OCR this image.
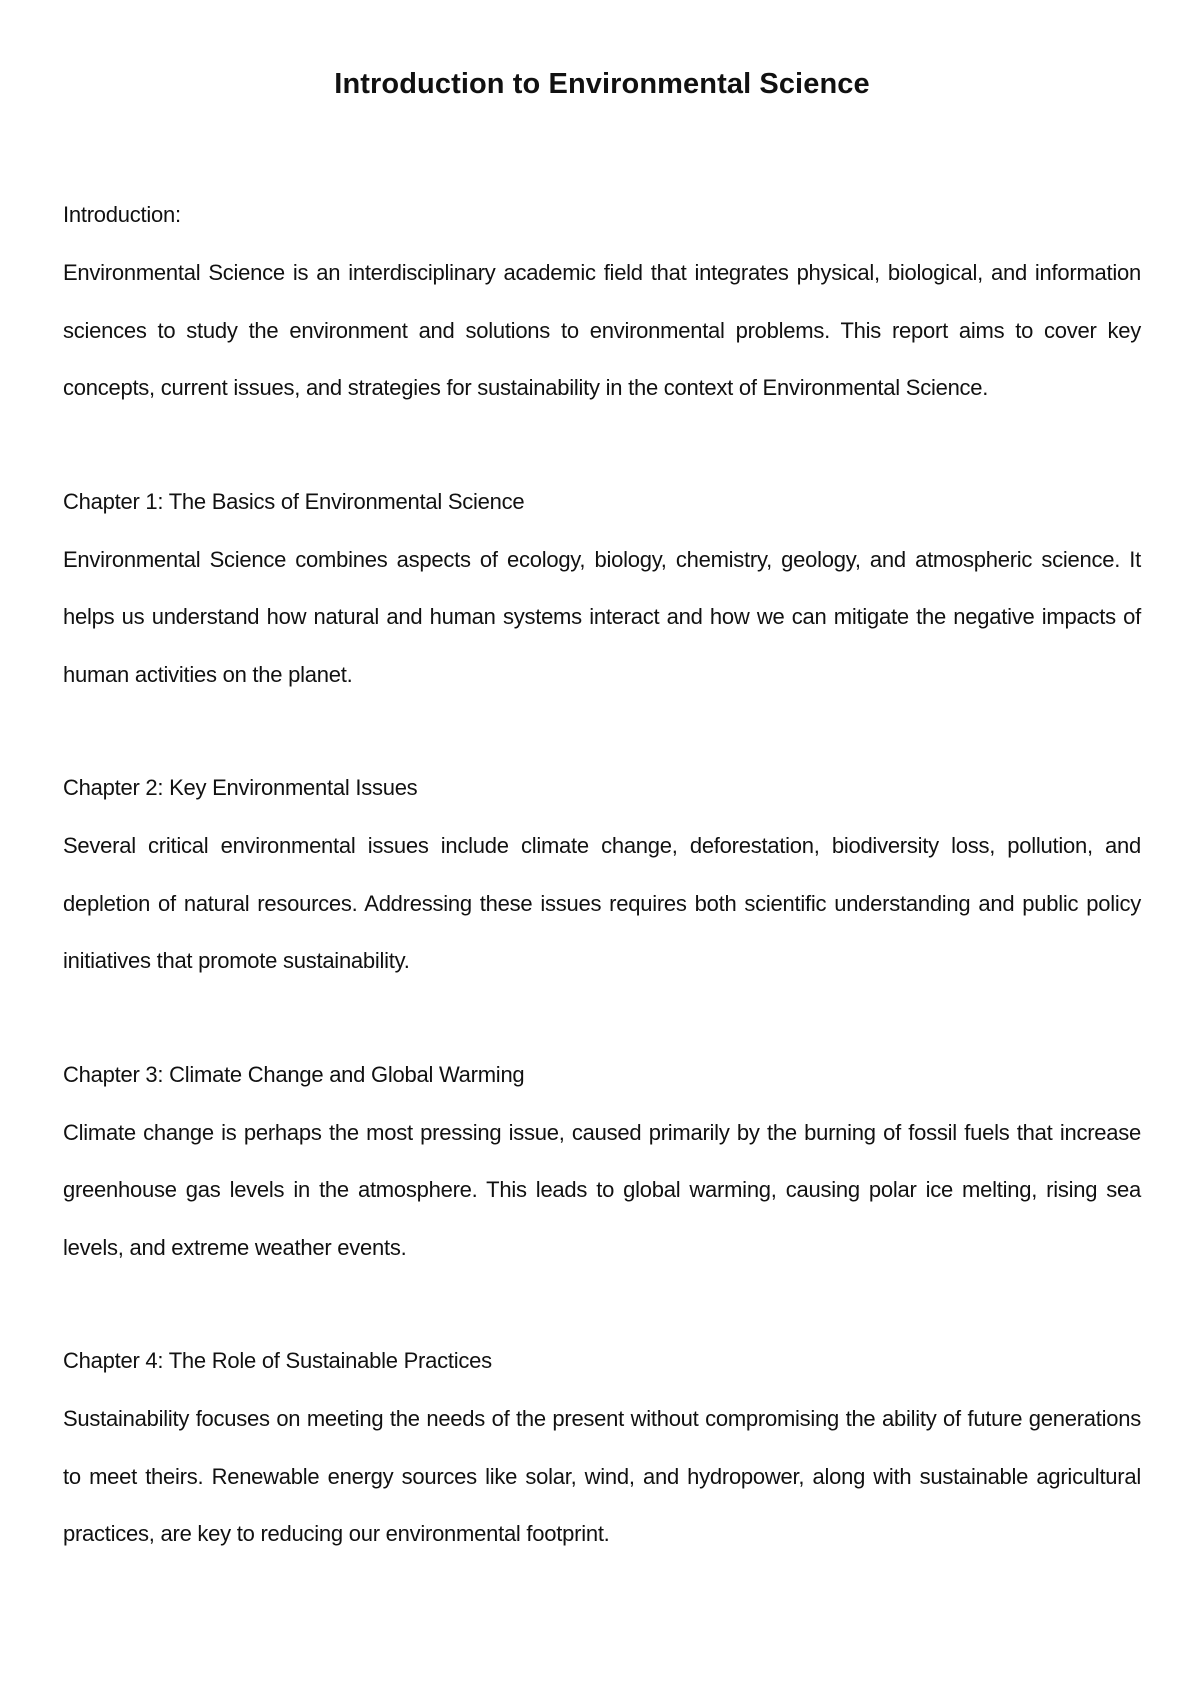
Introduction to Environmental Science

Introduction:

Environmental Science is an interdisciplinary academic field that integrates physical, biological, and information sciences to study the environment and solutions to environmental problems. This report aims to cover key concepts, current issues, and strategies for sustainability in the context of Environmental Science.

Chapter 1: The Basics of Environmental Science

Environmental Science combines aspects of ecology, biology, chemistry, geology, and atmospheric science. It helps us understand how natural and human systems interact and how we can mitigate the negative impacts of human activities on the planet.

Chapter 2: Key Environmental Issues

Several critical environmental issues include climate change, deforestation, biodiversity loss, pollution, and depletion of natural resources. Addressing these issues requires both scientific understanding and public policy initiatives that promote sustainability.

Chapter 3: Climate Change and Global Warming

Climate change is perhaps the most pressing issue, caused primarily by the burning of fossil fuels that increase greenhouse gas levels in the atmosphere. This leads to global warming, causing polar ice melting, rising sea levels, and extreme weather events.

Chapter 4: The Role of Sustainable Practices

Sustainability focuses on meeting the needs of the present without compromising the ability of future generations to meet theirs. Renewable energy sources like solar, wind, and hydropower, along with sustainable agricultural practices, are key to reducing our environmental footprint.
